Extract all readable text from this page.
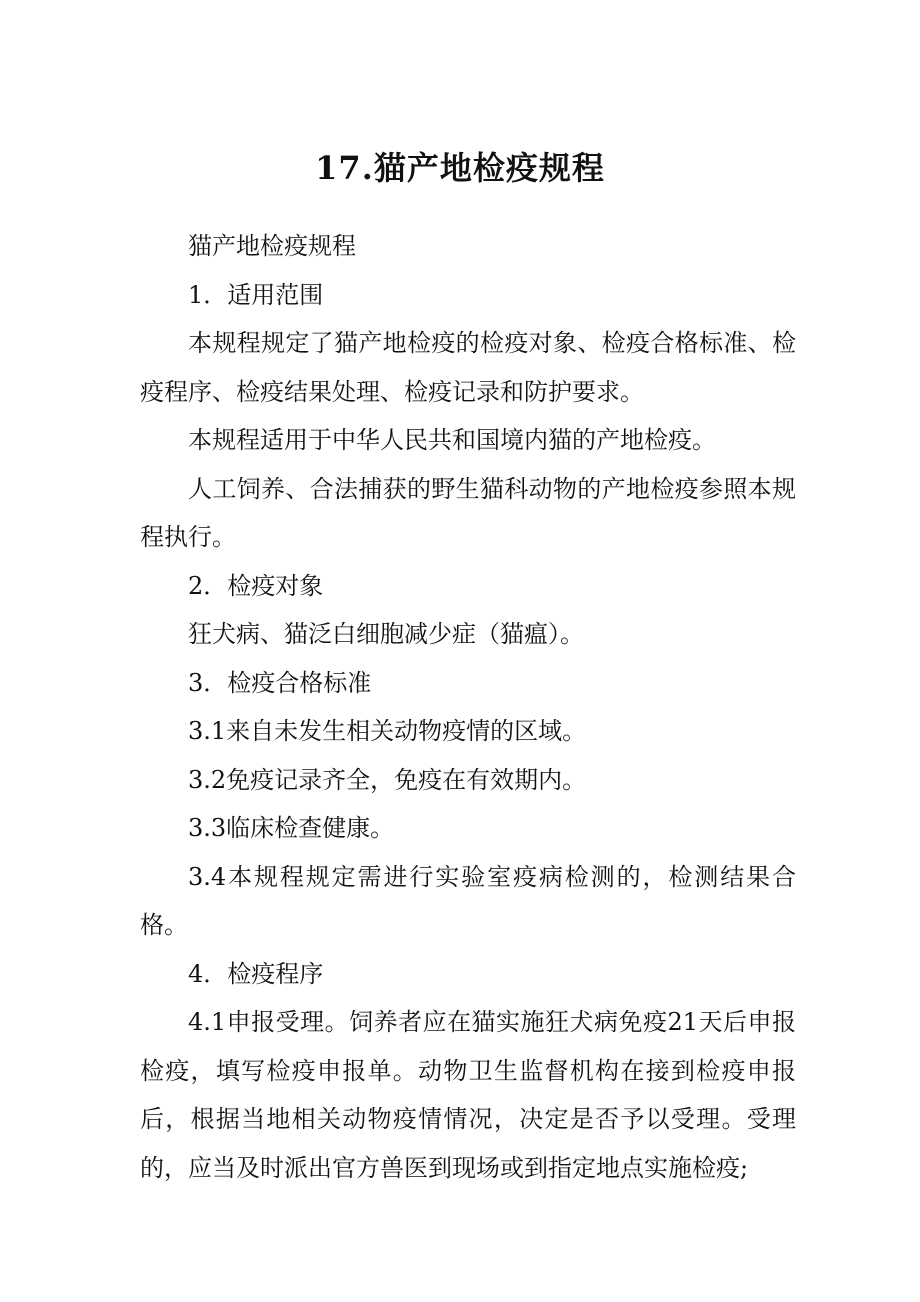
17.猫产地检疫规程

猫产地检疫规程

1．适用范围

本规程规定了猫产地检疫的检疫对象、检疫合格标准、检疫程序、检疫结果处理、检疫记录和防护要求。

本规程适用于中华人民共和国境内猫的产地检疫。

人工饲养、合法捕获的野生猫科动物的产地检疫参照本规程执行。

2．检疫对象

狂犬病、猫泛白细胞减少症（猫瘟）。

3．检疫合格标准

3.1来自未发生相关动物疫情的区域。

3.2免疫记录齐全，免疫在有效期内。

3.3临床检查健康。

3.4本规程规定需进行实验室疫病检测的，检测结果合格。

4．检疫程序

4.1申报受理。饲养者应在猫实施狂犬病免疫21天后申报检疫，填写检疫申报单。动物卫生监督机构在接到检疫申报后，根据当地相关动物疫情情况，决定是否予以受理。受理的，应当及时派出官方兽医到现场或到指定地点实施检疫;
